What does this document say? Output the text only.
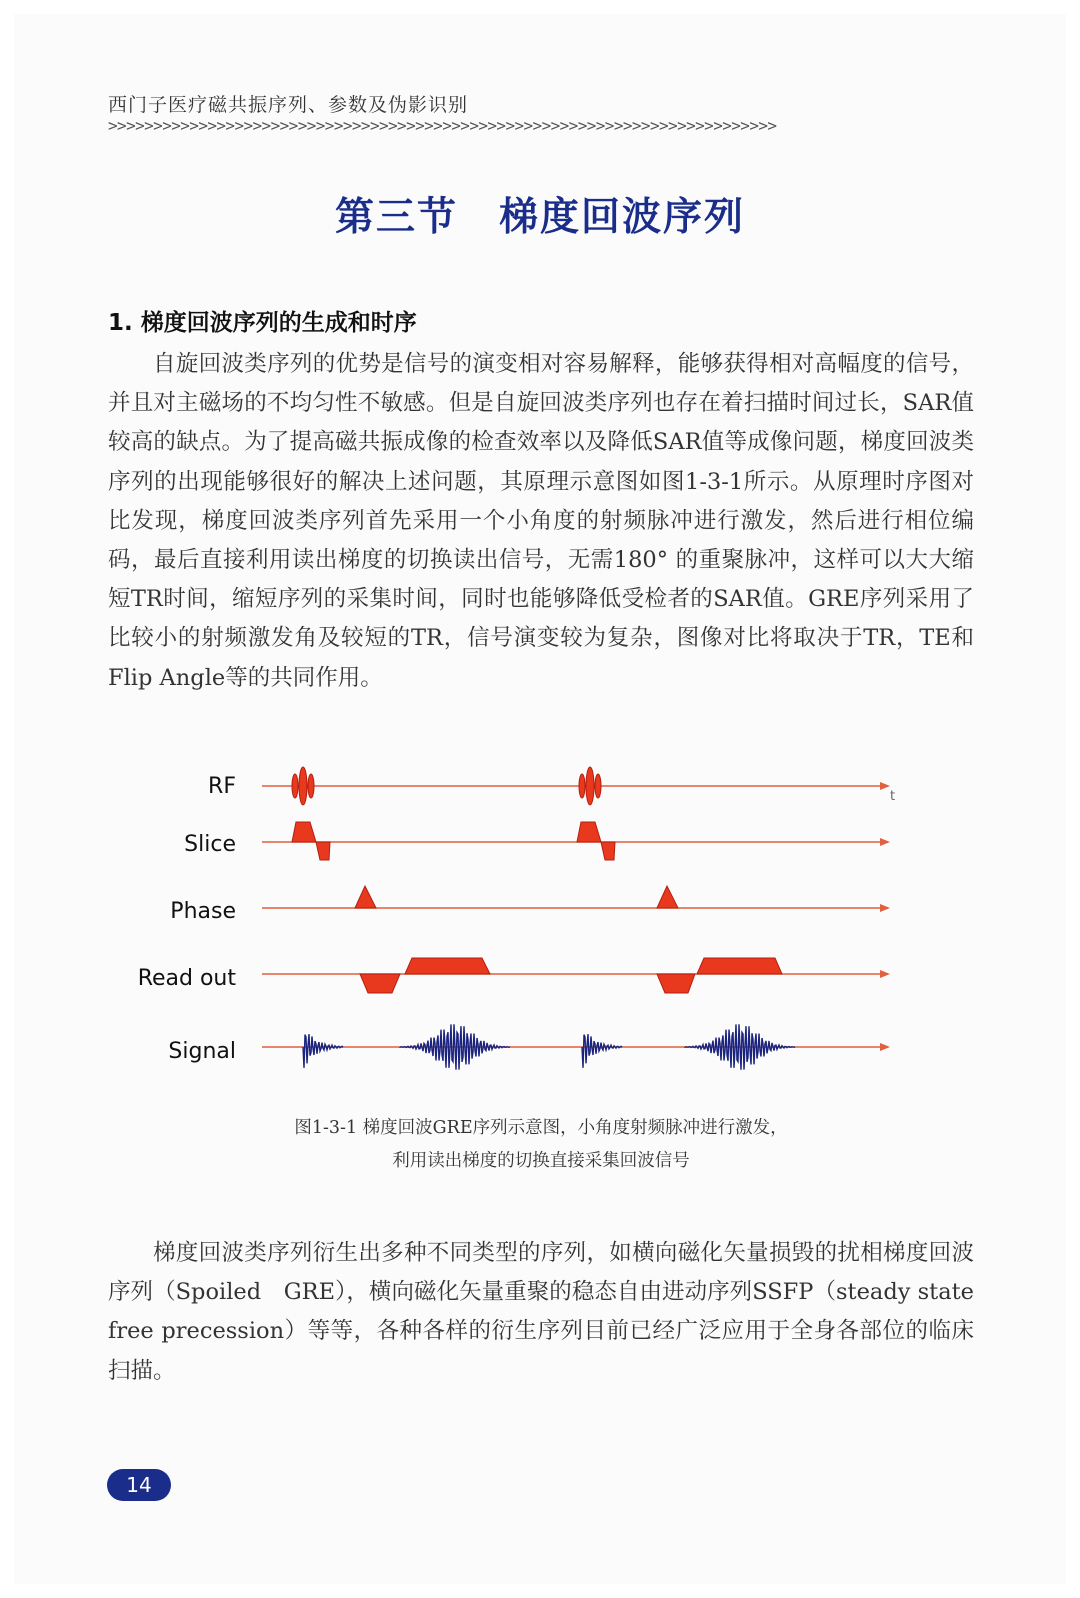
西门子医疗磁共振序列、参数及伪影识别
>>>>>>>>>>>>>>>>>>>>>>>>>>>>>>>>>>>>>>>>>>>>>>>>>>>>>>>>>>>>>>>>>>>>>>>>>>
第三节　梯度回波序列
1. 梯度回波序列的生成和时序

自旋回波类序列的优势是信号的演变相对容易解释，能够获得相对高幅度的信号，并且对主磁场的不均匀性不敏感。但是自旋回波类序列也存在着扫描时间过长，SAR值较高的缺点。为了提高磁共振成像的检查效率以及降低SAR值等成像问题，梯度回波类序列的出现能够很好的解决上述问题，其原理示意图如图1-3-1所示。从原理时序图对比发现，梯度回波类序列首先采用一个小角度的射频脉冲进行激发，然后进行相位编码，最后直接利用读出梯度的切换读出信号，无需180° 的重聚脉冲，这样可以大大缩短TR时间，缩短序列的采集时间，同时也能够降低受检者的SAR值。GRE序列采用了比较小的射频激发角及较短的TR，信号演变较为复杂，图像对比将取决于TR，TE和Flip Angle等的共同作用。

RF
Slice
Phase
Read out
Signal
t
图1-3-1 梯度回波GRE序列示意图，小角度射频脉冲进行激发，
利用读出梯度的切换直接采集回波信号

梯度回波类序列衍生出多种不同类型的序列，如横向磁化矢量损毁的扰相梯度回波序列（Spoiled　GRE），横向磁化矢量重聚的稳态自由进动序列SSFP（steady state free precession）等等，各种各样的衍生序列目前已经广泛应用于全身各部位的临床扫描。

14
